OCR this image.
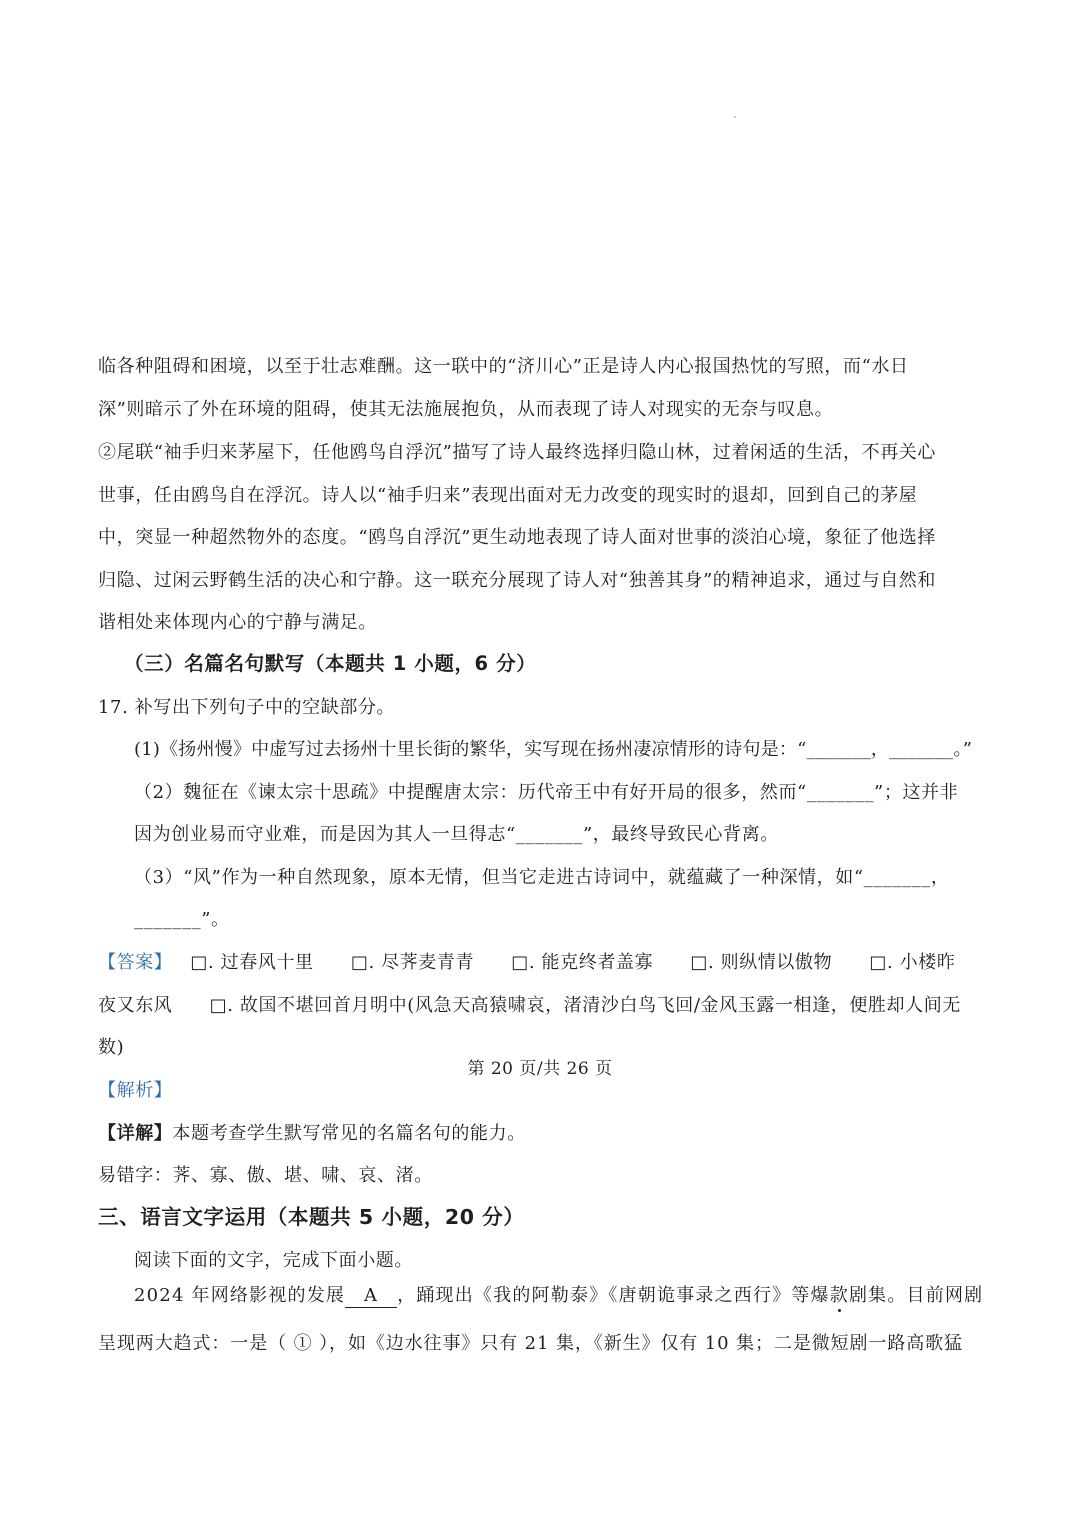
临各种阻碍和困境，以至于壮志难酬。这一联中的“济川心”正是诗人内心报国热忱的写照，而“水日
深”则暗示了外在环境的阻碍，使其无法施展抱负，从而表现了诗人对现实的无奈与叹息。
②尾联“袖手归来茅屋下，任他鸥鸟自浮沉”描写了诗人最终选择归隐山林，过着闲适的生活，不再关心
世事，任由鸥鸟自在浮沉。诗人以“袖手归来”表现出面对无力改变的现实时的退却，回到自己的茅屋
中，突显一种超然物外的态度。“鸥鸟自浮沉”更生动地表现了诗人面对世事的淡泊心境，象征了他选择
归隐、过闲云野鹤生活的决心和宁静。这一联充分展现了诗人对“独善其身”的精神追求，通过与自然和
谐相处来体现内心的宁静与满足。
（三）名篇名句默写（本题共 1 小题，6 分）
17. 补写出下列句子中的空缺部分。
(1)《扬州慢》中虚写过去扬州十里长街的繁华，实写现在扬州凄凉情形的诗句是：“_______，_______。”
（2）魏征在《谏太宗十思疏》中提醒唐太宗：历代帝王中有好开局的很多，然而“_______”；这并非
因为创业易而守业难，而是因为其人一旦得志“_______”，最终导致民心背离。
（3）“风”作为一种自然现象，原本无情，但当它走进古诗词中，就蕴藏了一种深情，如“_______，
_______”。
【答案】 □. 过春风十里　　□. 尽荠麦青青　　□. 能克终者盖寡　　□. 则纵情以傲物　　□. 小楼昨
夜又东风　　□. 故国不堪回首月明中(风急天高猿啸哀，渚清沙白鸟飞回/金风玉露一相逢，便胜却人间无
数)
【解析】
【详解】本题考查学生默写常见的名篇名句的能力。
易错字：荠、寡、傲、堪、啸、哀、渚。
三、语言文字运用（本题共 5 小题，20 分）
阅读下面的文字，完成下面小题。
2024 年网络影视的发展 A ，踊现出《我的阿勒泰》《唐朝诡事录之西行》等爆款剧集。目前网剧
呈现两大趋式：一是（ ① ），如《边水往事》只有 21 集，《新生》仅有 10 集；二是微短剧一路高歌猛
第 20 页/共 26 页
